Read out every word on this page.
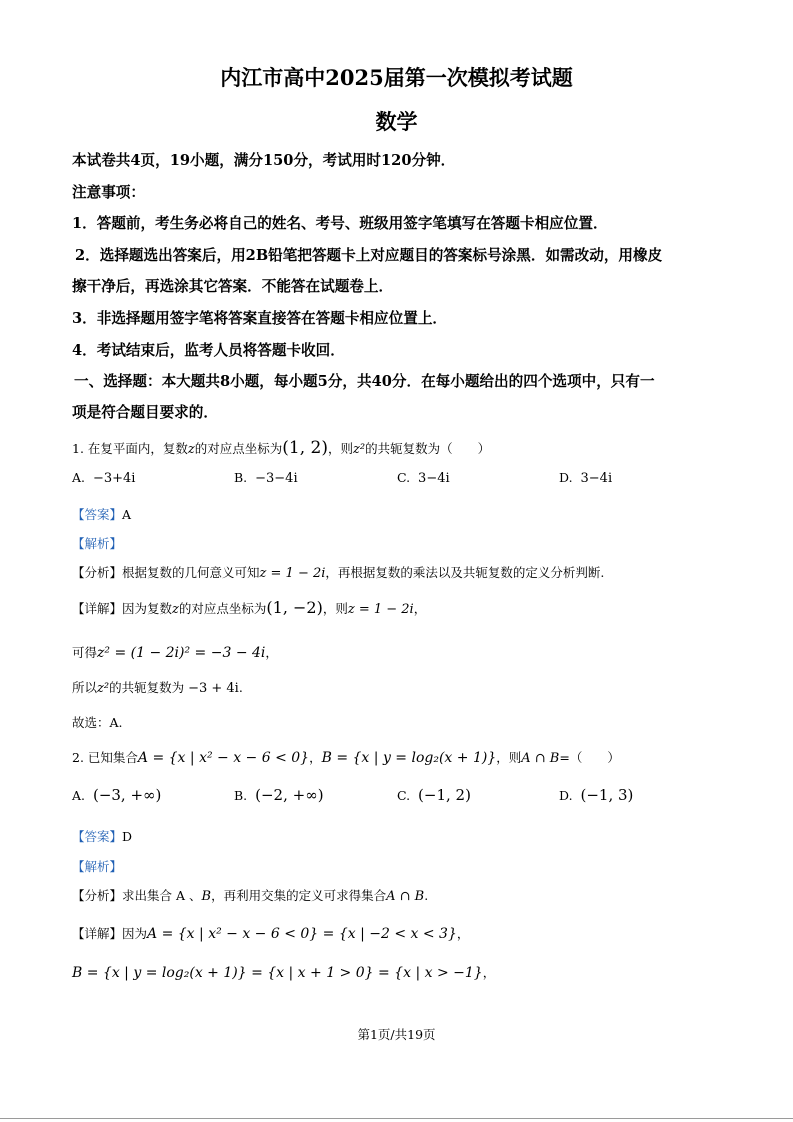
内江市高中2025届第一次模拟考试题
数学
本试卷共4页，19小题，满分150分，考试用时120分钟．
注意事项：
1．答题前，考生务必将自己的姓名、考号、班级用签字笔填写在答题卡相应位置．
2．选择题选出答案后，用2B铅笔把答题卡上对应题目的答案标号涂黑．如需改动，用橡皮
擦干净后，再选涂其它答案．不能答在试题卷上．
3．非选择题用签字笔将答案直接答在答题卡相应位置上．
4．考试结束后，监考人员将答题卡收回．
一、选择题：本大题共8小题，每小题5分，共40分．在每小题给出的四个选项中，只有一
项是符合题目要求的．
1. 在复平面内，复数z的对应点坐标为(1, 2)，则z²的共轭复数为（　　）
A. −3+4i	B. −3−4i	C. 3−4i	D. 3−4i
【答案】A
【解析】
【分析】根据复数的几何意义可知z = 1 − 2i，再根据复数的乘法以及共轭复数的定义分析判断.
【详解】因为复数z的对应点坐标为(1, −2)，则z = 1 − 2i，
可得z² = (1 − 2i)² = −3 − 4i，
所以z²的共轭复数为 −3 + 4i.
故选：A.
2. 已知集合A = {x | x² − x − 6 < 0}，B = {x | y = log₂(x + 1)}，则A ∩ B=（　　）
A. (−3, +∞)	B. (−2, +∞)	C. (−1, 2)	D. (−1, 3)
【答案】D
【解析】
【分析】求出集合 A 、B，再利用交集的定义可求得集合A ∩ B.
【详解】因为A = {x | x² − x − 6 < 0} = {x | −2 < x < 3}，
B = {x | y = log₂(x + 1)} = {x | x + 1 > 0} = {x | x > −1}，
第1页/共19页
